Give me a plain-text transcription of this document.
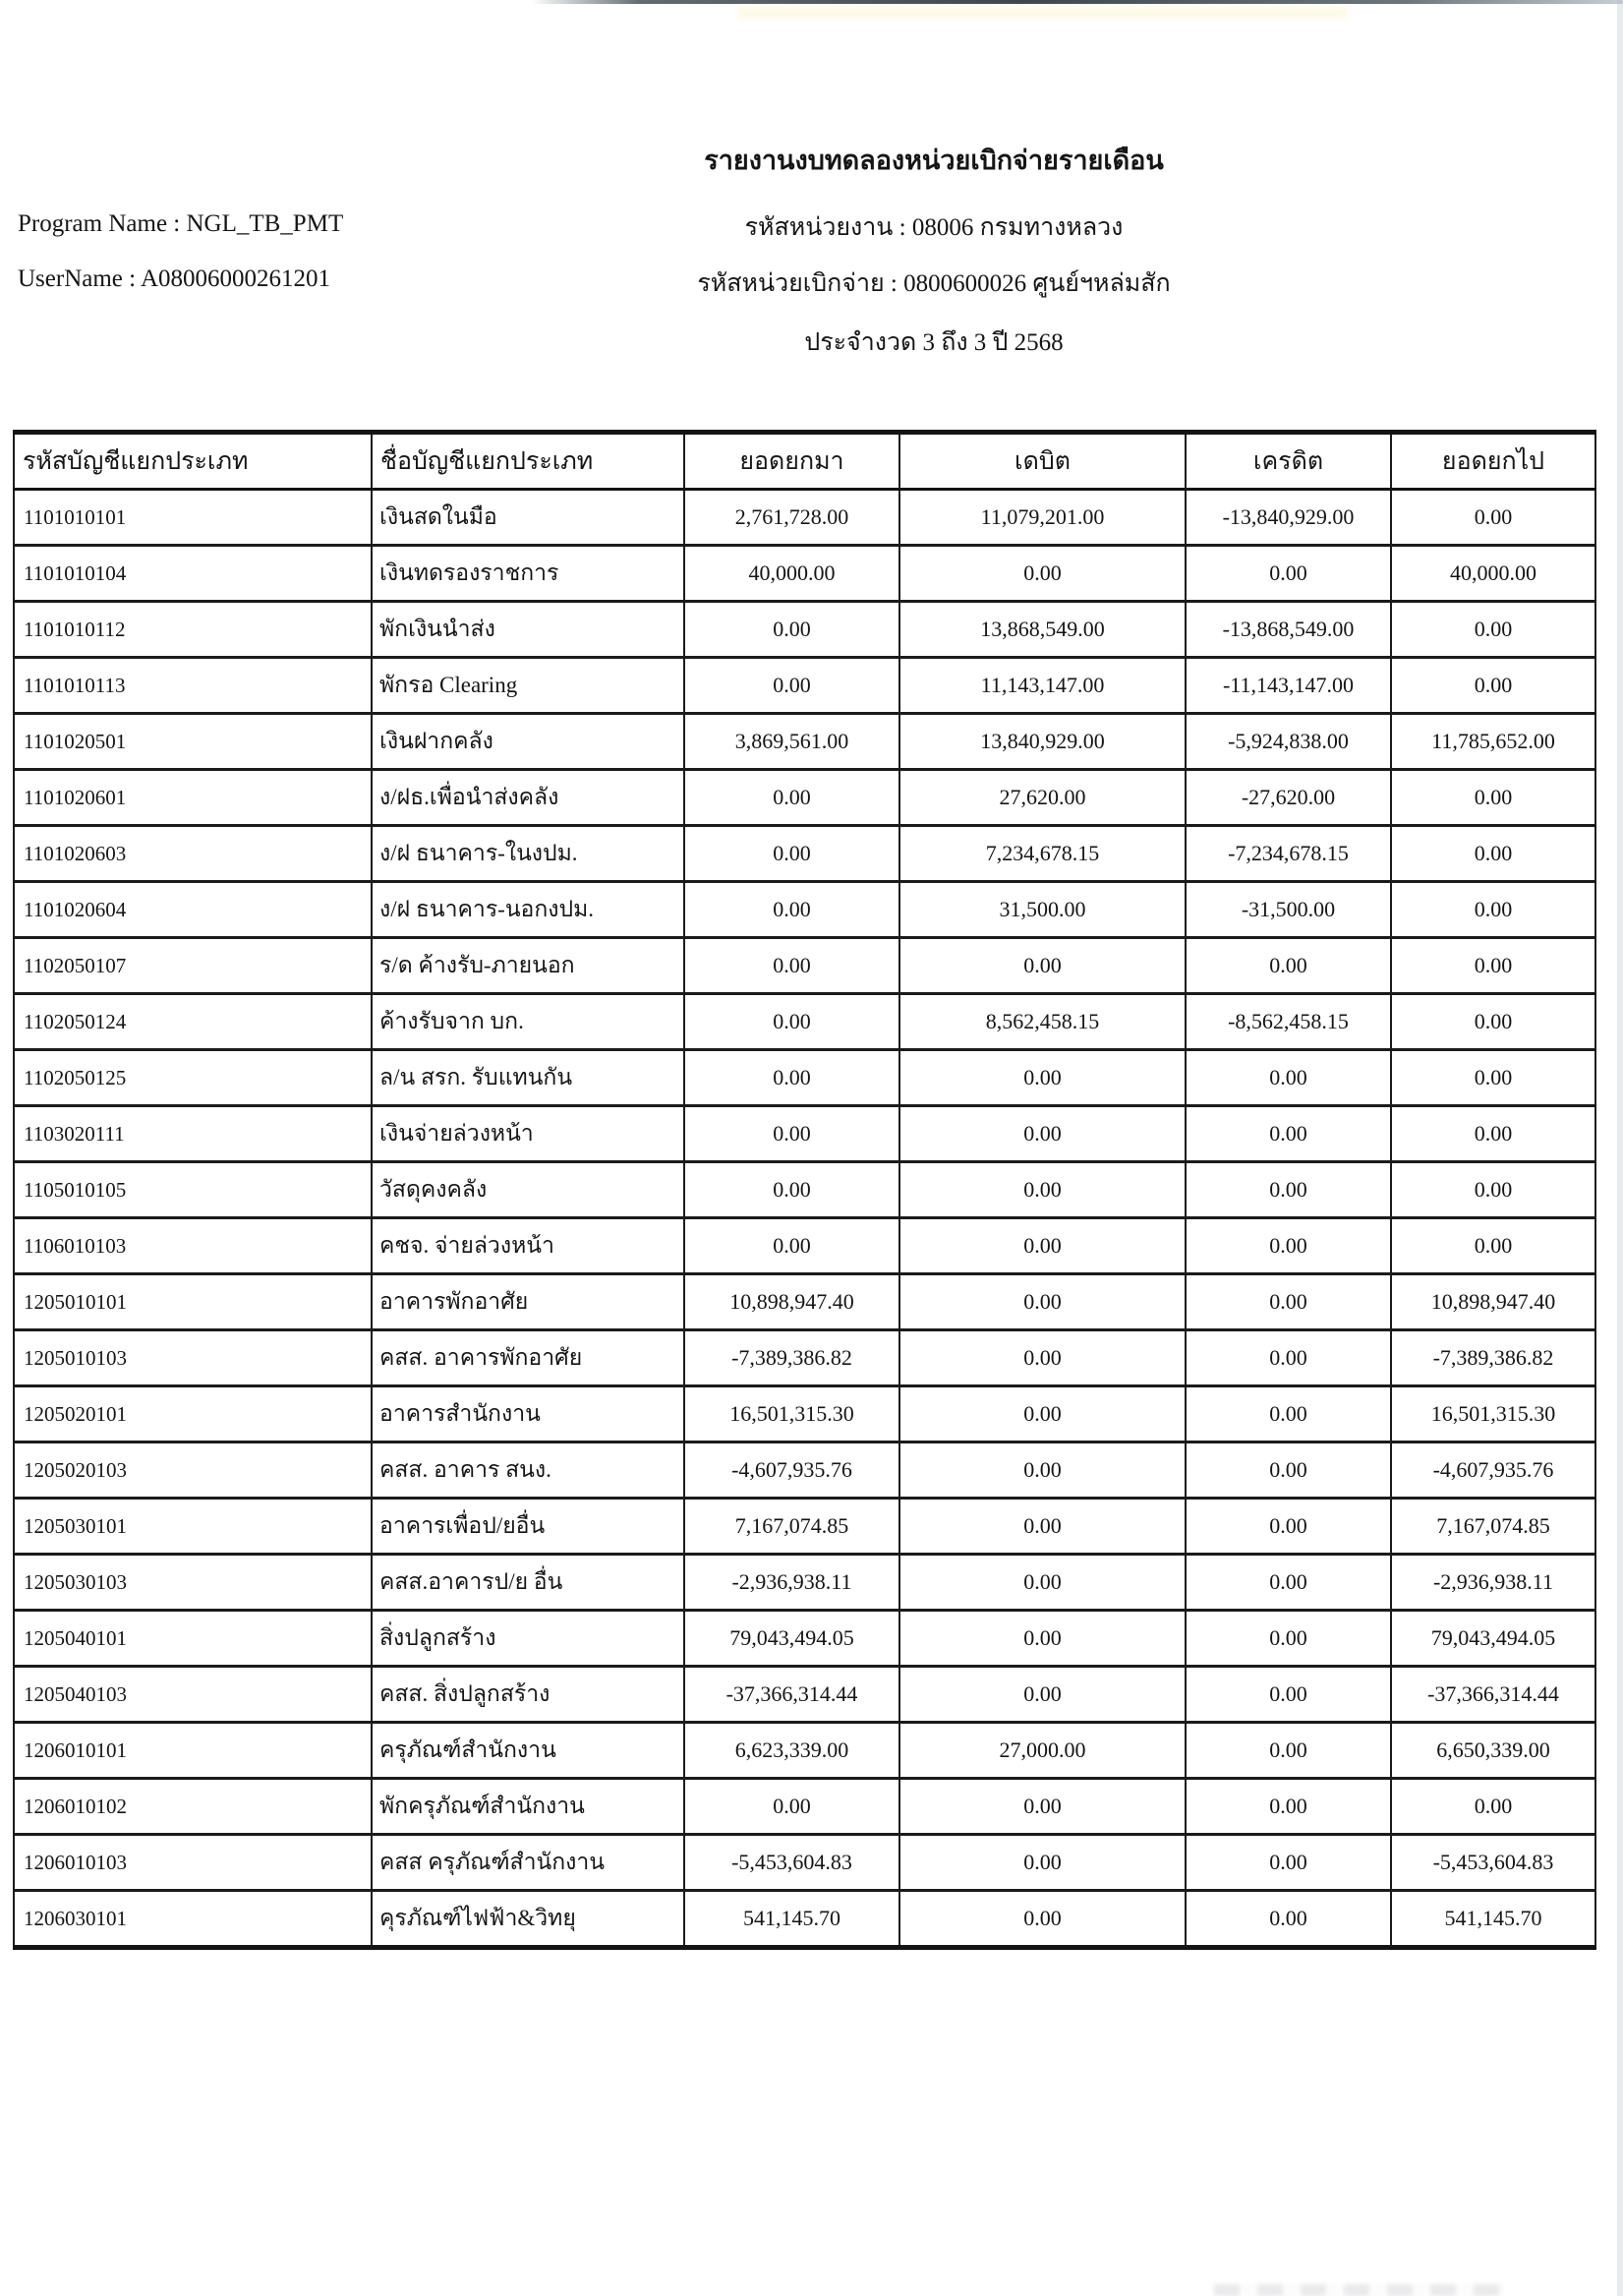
รายงานงบทดลองหน่วยเบิกจ่ายรายเดือน
Program Name : NGL_TB_PMT	รหัสหน่วยงาน : 08006 กรมทางหลวง
UserName : A08006000261201	รหัสหน่วยเบิกจ่าย : 0800600026 ศูนย์ฯหล่มสัก
ประจำงวด 3 ถึง 3 ปี 2568
รหัสบัญชีแยกประเภท	ชื่อบัญชีแยกประเภท	ยอดยกมา	เดบิต	เครดิต	ยอดยกไป
1101010101	เงินสดในมือ	2,761,728.00	11,079,201.00	-13,840,929.00	0.00
1101010104	เงินทดรองราชการ	40,000.00	0.00	0.00	40,000.00
1101010112	พักเงินนำส่ง	0.00	13,868,549.00	-13,868,549.00	0.00
1101010113	พักรอ Clearing	0.00	11,143,147.00	-11,143,147.00	0.00
1101020501	เงินฝากคลัง	3,869,561.00	13,840,929.00	-5,924,838.00	11,785,652.00
1101020601	ง/ฝธ.เพื่อนำส่งคลัง	0.00	27,620.00	-27,620.00	0.00
1101020603	ง/ฝ ธนาคาร-ในงปม.	0.00	7,234,678.15	-7,234,678.15	0.00
1101020604	ง/ฝ ธนาคาร-นอกงปม.	0.00	31,500.00	-31,500.00	0.00
1102050107	ร/ด ค้างรับ-ภายนอก	0.00	0.00	0.00	0.00
1102050124	ค้างรับจาก บก.	0.00	8,562,458.15	-8,562,458.15	0.00
1102050125	ล/น สรก. รับแทนกัน	0.00	0.00	0.00	0.00
1103020111	เงินจ่ายล่วงหน้า	0.00	0.00	0.00	0.00
1105010105	วัสดุคงคลัง	0.00	0.00	0.00	0.00
1106010103	คชจ. จ่ายล่วงหน้า	0.00	0.00	0.00	0.00
1205010101	อาคารพักอาศัย	10,898,947.40	0.00	0.00	10,898,947.40
1205010103	คสส. อาคารพักอาศัย	-7,389,386.82	0.00	0.00	-7,389,386.82
1205020101	อาคารสำนักงาน	16,501,315.30	0.00	0.00	16,501,315.30
1205020103	คสส. อาคาร สนง.	-4,607,935.76	0.00	0.00	-4,607,935.76
1205030101	อาคารเพื่อป/ยอื่น	7,167,074.85	0.00	0.00	7,167,074.85
1205030103	คสส.อาคารป/ย อื่น	-2,936,938.11	0.00	0.00	-2,936,938.11
1205040101	สิ่งปลูกสร้าง	79,043,494.05	0.00	0.00	79,043,494.05
1205040103	คสส. สิ่งปลูกสร้าง	-37,366,314.44	0.00	0.00	-37,366,314.44
1206010101	ครุภัณฑ์สำนักงาน	6,623,339.00	27,000.00	0.00	6,650,339.00
1206010102	พักครุภัณฑ์สำนักงาน	0.00	0.00	0.00	0.00
1206010103	คสส ครุภัณฑ์สำนักงาน	-5,453,604.83	0.00	0.00	-5,453,604.83
1206030101	คุรภัณฑ์ไฟฟ้า&วิทยุ	541,145.70	0.00	0.00	541,145.70
